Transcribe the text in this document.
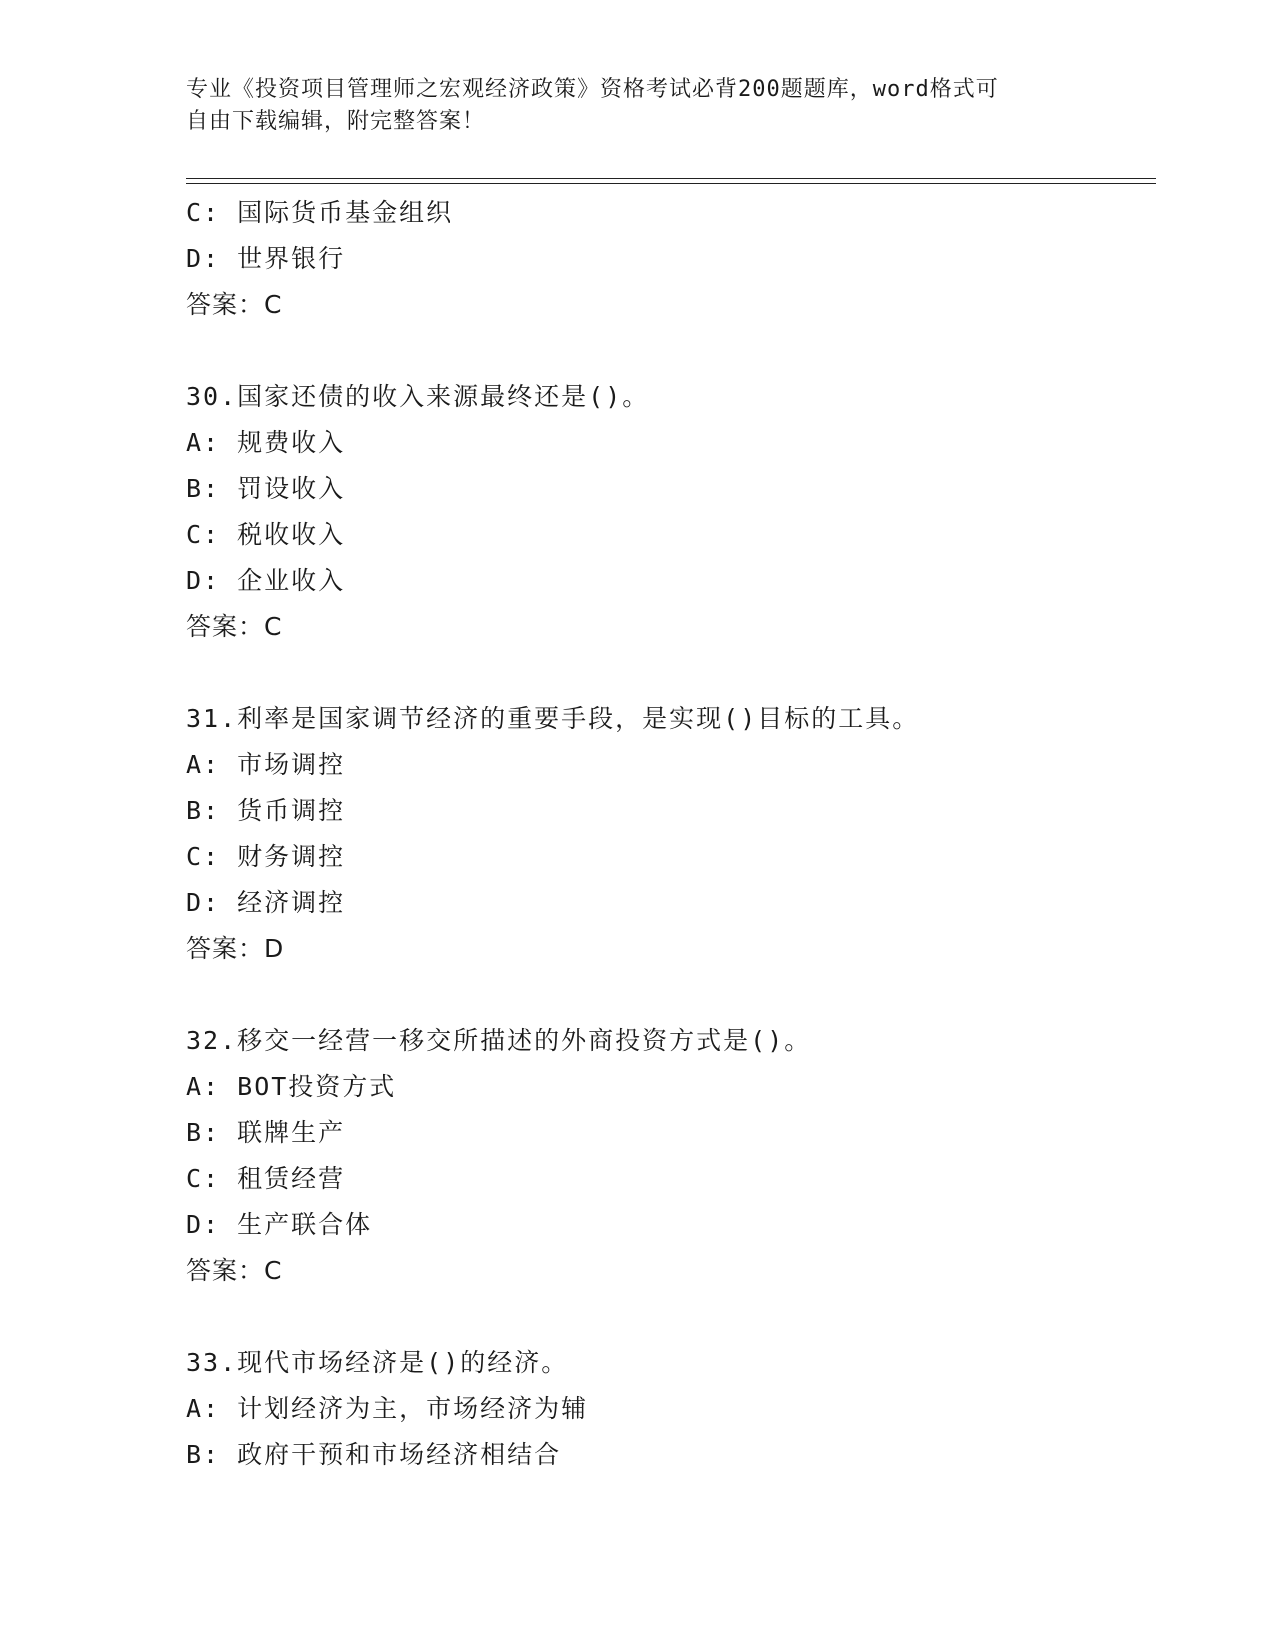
专业《投资项目管理师之宏观经济政策》资格考试必背200题题库，word格式可
自由下载编辑，附完整答案！
C: 国际货币基金组织
D: 世界银行
答案：C
30.国家还债的收入来源最终还是()。
A: 规费收入
B: 罚设收入
C: 税收收入
D: 企业收入
答案：C
31.利率是国家调节经济的重要手段，是实现()目标的工具。
A: 市场调控
B: 货币调控
C: 财务调控
D: 经济调控
答案：D
32.移交一经营一移交所描述的外商投资方式是()。
A: BOT投资方式
B: 联牌生产
C: 租赁经营
D: 生产联合体
答案：C
33.现代市场经济是()的经济。
A: 计划经济为主，市场经济为辅
B: 政府干预和市场经济相结合
